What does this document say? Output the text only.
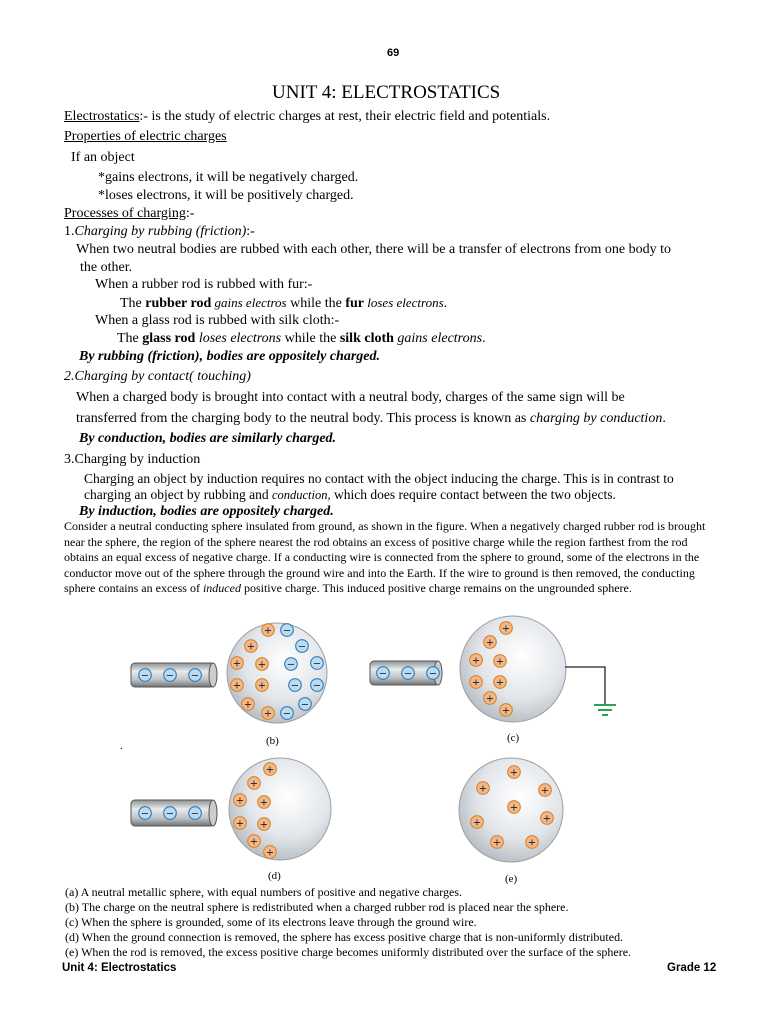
69
UNIT 4: ELECTROSTATICS
Electrostatics:- is the study of electric charges at rest, their electric field and potentials.
Properties of electric charges
If an object
*gains electrons, it will be negatively charged.
*loses electrons, it will be positively charged.
Processes of charging:-
1.Charging by rubbing (friction):-
When two neutral bodies are rubbed with each other, there will be a transfer of electrons from one body to
the other.
When a rubber rod is rubbed with fur:-
The rubber rod gains electros while the fur loses electrons.
When a glass rod is rubbed with silk cloth:-
The glass rod loses electrons while the silk cloth gains electrons.
By rubbing (friction), bodies are oppositely charged.
2.Charging by contact( touching)
When a charged body is brought into contact with a neutral body, charges of the same sign will be
transferred from the charging body to the neutral body. This process is known as charging by conduction.
By conduction, bodies are similarly charged.
3.Charging by induction
Charging an object by induction requires no contact with the object inducing the charge. This is in contrast to
charging an object by rubbing and conduction, which does require contact between the two objects.
By induction, bodies are oppositely charged.
Consider a neutral conducting sphere insulated from ground, as shown in the figure. When a negatively charged rubber rod is brought near the sphere, the region of the sphere nearest the rod obtains an excess of positive charge while the region farthest from the rod obtains an equal excess of negative charge. If a conducting wire is connected from the sphere to ground, some of the electrons in the conductor move out of the sphere through the ground wire and into the Earth. If the wire to ground is then removed, the conducting sphere contains an excess of induced positive charge. This induced positive charge remains on the ungrounded sphere.
− − −	− − −
− − −
+
+
+ +
+ +
+
+
−
−
− −
− −
−
−
+
+
+ +
+ +
+
+
+
+
+ +
+ +
+
+
+
+	+
+
+	+
+	+
(b)	(c)
(d)	(e)
.
(a) A neutral metallic sphere, with equal numbers of positive and negative charges.
(b) The charge on the neutral sphere is redistributed when a charged rubber rod is placed near the sphere.
(c) When the sphere is grounded, some of its electrons leave through the ground wire.
(d) When the ground connection is removed, the sphere has excess positive charge that is non-uniformly distributed.
(e) When the rod is removed, the excess positive charge becomes uniformly distributed over the surface of the sphere.
Unit 4: Electrostatics	Grade 12
